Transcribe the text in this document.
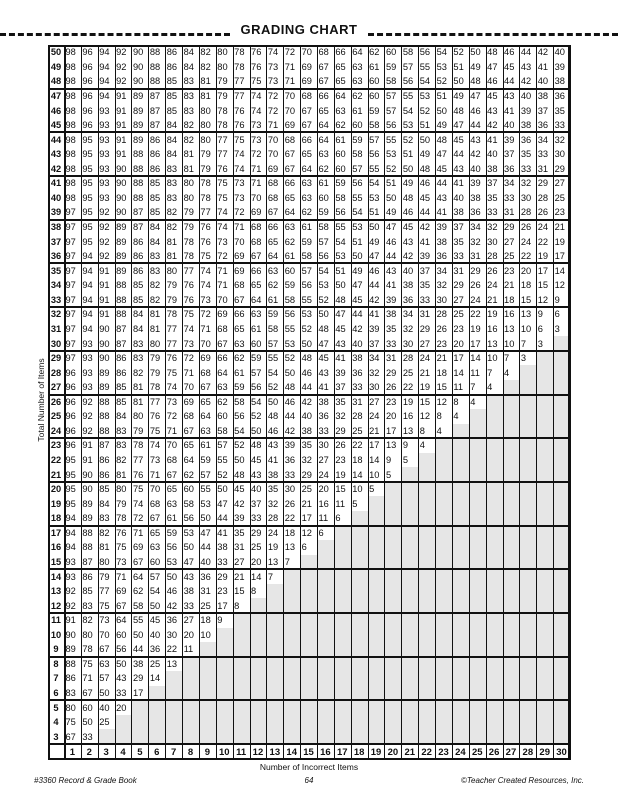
GRADING CHART
Total Number of Items
50 98 96 94 92 90 88 86 84 82 80 78 76 74 72 70 68 66 64 62 60 58 56 54 52 50 48 46 44 42 40
49 98 96 94 92 90 88 86 84 82 80 78 76 73 71 69 67 65 63 61 59 57 55 53 51 49 47 45 43 41 39
48 98 96 94 92 90 88 85 83 81 79 77 75 73 71 69 67 65 63 60 58 56 54 52 50 48 46 44 42 40 38
47 98 96 94 91 89 87 85 83 81 79 77 74 72 70 68 66 64 62 60 57 55 53 51 49 47 45 43 40 38 36
46 98 96 93 91 89 87 85 83 80 78 76 74 72 70 67 65 63 61 59 57 54 52 50 48 46 43 41 39 37 35
45 98 96 93 91 89 87 84 82 80 78 76 73 71 69 67 64 62 60 58 56 53 51 49 47 44 42 40 38 36 33
44 98 95 93 91 89 86 84 82 80 77 75 73 70 68 66 64 61 59 57 55 52 50 48 45 43 41 39 36 34 32
43 98 95 93 91 88 86 84 81 79 77 74 72 70 67 65 63 60 58 56 53 51 49 47 44 42 40 37 35 33 30
42 98 95 93 90 88 86 83 81 79 76 74 71 69 67 64 62 60 57 55 52 50 48 45 43 40 38 36 33 31 29
41 98 95 93 90 88 85 83 80 78 75 73 71 68 66 63 61 59 56 54 51 49 46 44 41 39 37 34 32 29 27
40 98 95 93 90 88 85 83 80 78 75 73 70 68 65 63 60 58 55 53 50 48 45 43 40 38 35 33 30 28 25
39 97 95 92 90 87 85 82 79 77 74 72 69 67 64 62 59 56 54 51 49 46 44 41 38 36 33 31 28 26 23
38 97 95 92 89 87 84 82 79 76 74 71 68 66 63 61 58 55 53 50 47 45 42 39 37 34 32 29 26 24 21
37 97 95 92 89 86 84 81 78 76 73 70 68 65 62 59 57 54 51 49 46 43 41 38 35 32 30 27 24 22 19
36 97 94 92 89 86 83 81 78 75 72 69 67 64 61 58 56 53 50 47 44 42 39 36 33 31 28 25 22 19 17
35 97 94 91 89 86 83 80 77 74 71 69 66 63 60 57 54 51 49 46 43 40 37 34 31 29 26 23 20 17 14
34 97 94 91 88 85 82 79 76 74 71 68 65 62 59 56 53 50 47 44 41 38 35 32 29 26 24 21 18 15 12
33 97 94 91 88 85 82 79 76 73 70 67 64 61 58 55 52 48 45 42 39 36 33 30 27 24 21 18 15 12 9
32 97 94 91 88 84 81 78 75 72 69 66 63 59 56 53 50 47 44 41 38 34 31 28 25 22 19 16 13 9	6
31 97 94 90 87 84 81 77 74 71 68 65 61 58 55 52 48 45 42 39 35 32 29 26 23 19 16 13 10 6	3
30 97 93 90 87 83 80 77 73 70 67 63 60 57 53 50 47 43 40 37 33 30 27 23 20 17 13 10 7	3
29 97 93 90 86 83 79 76 72 69 66 62 59 55 52 48 45 41 38 34 31 28 24 21 17 14 10 7	3
28 96 93 89 86 82 79 75 71 68 64 61 57 54 50 46 43 39 36 32 29 25 21 18 14 11 7	4
27 96 93 89 85 81 78 74 70 67 63 59 56 52 48 44 41 37 33 30 26 22 19 15 11 7	4
26 96 92 88 85 81 77 73 69 65 62 58 54 50 46 42 38 35 31 27 23 19 15 12 8	4
25 96 92 88 84 80 76 72 68 64 60 56 52 48 44 40 36 32 28 24 20 16 12 8	4
24 96 92 88 83 79 75 71 67 63 58 54 50 46 42 38 33 29 25 21 17 13 8	4
23 96 91 87 83 78 74 70 65 61 57 52 48 43 39 35 30 26 22 17 13 9	4
22 95 91 86 82 77 73 68 64 59 55 50 45 41 36 32 27 23 18 14 9	5
21 95 90 86 81 76 71 67 62 57 52 48 43 38 33 29 24 19 14 10 5
20 95 90 85 80 75 70 65 60 55 50 45 40 35 30 25 20 15 10 5
19 95 89 84 79 74 68 63 58 53 47 42 37 32 26 21 16 11 5
18 94 89 83 78 72 67 61 56 50 44 39 33 28 22 17 11 6
17 94 88 82 76 71 65 59 53 47 41 35 29 24 18 12 6
16 94 88 81 75 69 63 56 50 44 38 31 25 19 13 6
15 93 87 80 73 67 60 53 47 40 33 27 20 13 7
14 93 86 79 71 64 57 50 43 36 29 21 14 7
13 92 85 77 69 62 54 46 38 31 23 15 8
12 92 83 75 67 58 50 42 33 25 17 8
11 91 82 73 64 55 45 36 27 18 9
10 90 80 70 60 50 40 30 20 10
9 89 78 67 56 44 36 22 11
8 88 75 63 50 38 25 13
7 86 71 57 43 29 14
6 83 67 50 33 17
5 80 60 40 20
4 75 50 25
3 67 33
1	2	3	4	5	6	7	8	9 10 11 12 13 14 15 16 17 18 19 20 21 22 23 24 25 26 27 28 29 30
Number of Incorrect Items
#3360 Record & Grade Book	64	©Teacher Created Resources, Inc.
